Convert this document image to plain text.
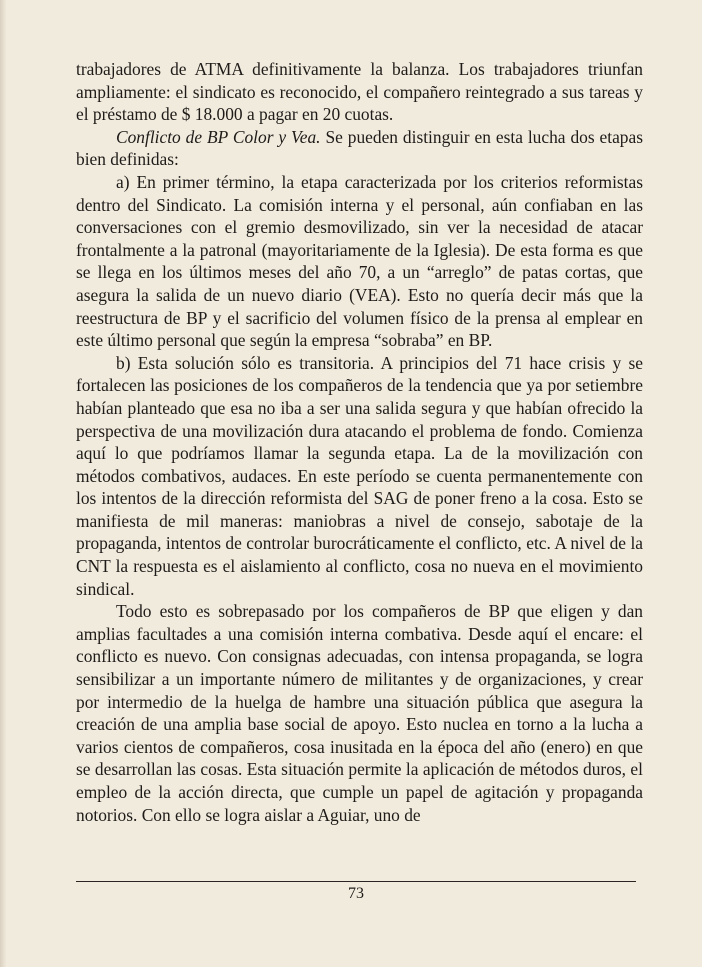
trabajadores de ATMA definitivamente la balanza. Los trabajadores triunfan ampliamente: el sindicato es reconocido, el compañero reintegrado a sus tareas y el préstamo de $ 18.000 a pagar en 20 cuotas.

Conflicto de BP Color y Vea. Se pueden distinguir en esta lucha dos etapas bien definidas:

a) En primer término, la etapa caracterizada por los criterios reformistas dentro del Sindicato. La comisión interna y el personal, aún confiaban en las conversaciones con el gremio desmovilizado, sin ver la necesidad de atacar frontalmente a la patronal (mayoritariamente de la Iglesia). De esta forma es que se llega en los últimos meses del año 70, a un “arreglo” de patas cortas, que asegura la salida de un nuevo diario (VEA). Esto no quería decir más que la reestructura de BP y el sacrificio del volumen físico de la prensa al emplear en este último personal que según la empresa “sobraba” en BP.

b) Esta solución sólo es transitoria. A principios del 71 hace crisis y se fortalecen las posiciones de los compañeros de la tendencia que ya por setiembre habían planteado que esa no iba a ser una salida segura y que habían ofrecido la perspectiva de una movilización dura atacando el problema de fondo. Comienza aquí lo que podríamos llamar la segunda etapa. La de la movilización con métodos combativos, audaces. En este período se cuenta permanentemente con los intentos de la dirección reformista del SAG de poner freno a la cosa. Esto se manifiesta de mil maneras: maniobras a nivel de consejo, sabotaje de la propaganda, intentos de controlar burocráticamente el conflicto, etc. A nivel de la CNT la respuesta es el aislamiento al conflicto, cosa no nueva en el movimiento sindical.

Todo esto es sobrepasado por los compañeros de BP que eligen y dan amplias facultades a una comisión interna combativa. Desde aquí el encare: el conflicto es nuevo. Con consignas adecuadas, con intensa propaganda, se logra sensibilizar a un importante número de militantes y de organizaciones, y crear por intermedio de la huelga de hambre una situación pública que asegura la creación de una amplia base social de apoyo. Esto nuclea en torno a la lucha a varios cientos de compañeros, cosa inusitada en la época del año (enero) en que se desarrollan las cosas. Esta situación permite la aplicación de métodos duros, el empleo de la acción directa, que cumple un papel de agitación y propaganda notorios. Con ello se logra aislar a Aguiar, uno de

73
